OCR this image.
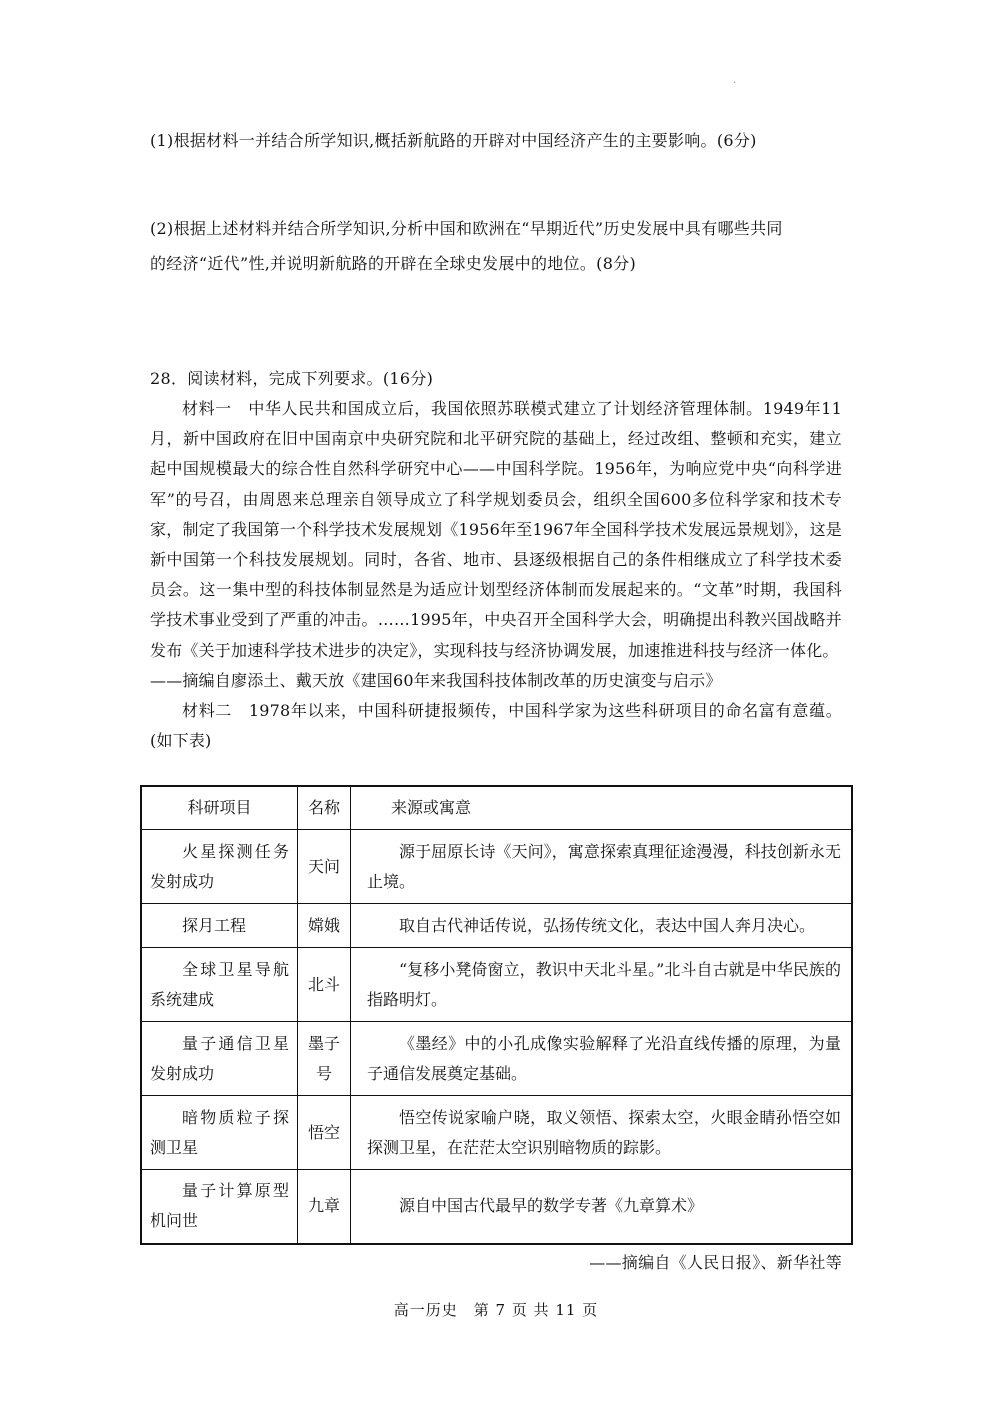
·
(1)根据材料一并结合所学知识,概括新航路的开辟对中国经济产生的主要影响。(6分)
(2)根据上述材料并结合所学知识,分析中国和欧洲在“早期近代”历史发展中具有哪些共同
的经济“近代”性,并说明新航路的开辟在全球史发展中的地位。(8分)
28．阅读材料，完成下列要求。(16分)

材料一　中华人民共和国成立后，我国依照苏联模式建立了计划经济管理体制。1949年11月，新中国政府在旧中国南京中央研究院和北平研究院的基础上，经过改组、整顿和充实，建立起中国规模最大的综合性自然科学研究中心——中国科学院。1956年，为响应党中央“向科学进军”的号召，由周恩来总理亲自领导成立了科学规划委员会，组织全国600多位科学家和技术专家，制定了我国第一个科学技术发展规划《1956年至1967年全国科学技术发展远景规划》，这是新中国第一个科技发展规划。同时，各省、地市、县逐级根据自己的条件相继成立了科学技术委员会。这一集中型的科技体制显然是为适应计划型经济体制而发展起来的。“文革”时期，我国科学技术事业受到了严重的冲击。……1995年，中央召开全国科学大会，明确提出科教兴国战略并发布《关于加速科学技术进步的决定》，实现科技与经济协调发展，加速推进科技与经济一体化。

——摘编自廖添土、戴天放《建国60年来我国科技体制改革的历史演变与启示》

材料二　1978年以来，中国科研捷报频传，中国科学家为这些科研项目的命名富有意蕴。(如下表)

科研项目	名称	来源或寓意

火星探测任务发射成功	天问	源于屈原长诗《天问》，寓意探索真理征途漫漫，科技创新永无止境。

探月工程	嫦娥	取自古代神话传说，弘扬传统文化，表达中国人奔月决心。

全球卫星导航系统建成	北斗	“复移小凳倚窗立，教识中天北斗星。”北斗自古就是中华民族的指路明灯。

量子通信卫星发射成功	墨子号	《墨经》中的小孔成像实验解释了光沿直线传播的原理，为量子通信发展奠定基础。

暗物质粒子探测卫星	悟空	悟空传说家喻户晓，取义领悟、探索太空，火眼金睛孙悟空如探测卫星，在茫茫太空识别暗物质的踪影。

量子计算原型机问世	九章	源自中国古代最早的数学专著《九章算术》
——摘编自《人民日报》、新华社等
高一历史　第 7 页 共 11 页
